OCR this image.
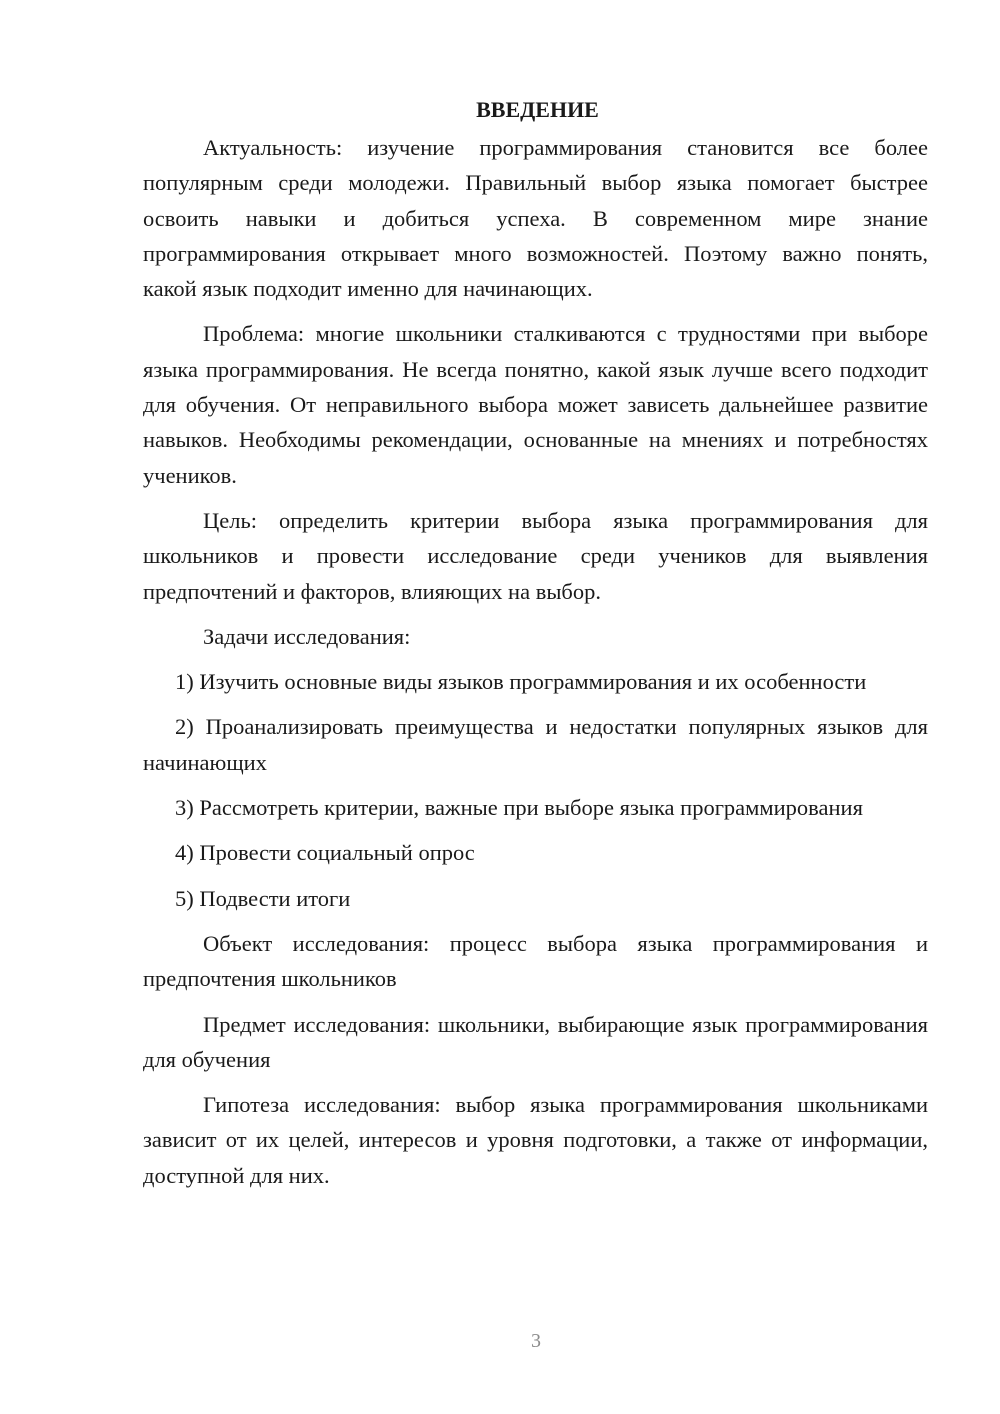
ВВЕДЕНИЕ

Актуальность: изучение программирования становится все более популярным среди молодежи. Правильный выбор языка помогает быстрее освоить навыки и добиться успеха. В современном мире знание программирования открывает много возможностей. Поэтому важно понять, какой язык подходит именно для начинающих.

Проблема: многие школьники сталкиваются с трудностями при выборе языка программирования. Не всегда понятно, какой язык лучше всего подходит для обучения. От неправильного выбора может зависеть дальнейшее развитие навыков. Необходимы рекомендации, основанные на мнениях и потребностях учеников.

Цель: определить критерии выбора языка программирования для школьников и провести исследование среди учеников для выявления предпочтений и факторов, влияющих на выбор.

Задачи исследования:

1) Изучить основные виды языков программирования и их особенности

2) Проанализировать преимущества и недостатки популярных языков для начинающих

3) Рассмотреть критерии, важные при выборе языка программирования

4) Провести социальный опрос

5) Подвести итоги

Объект исследования: процесс выбора языка программирования и предпочтения школьников

Предмет исследования: школьники, выбирающие язык программирования для обучения

Гипотеза исследования: выбор языка программирования школьниками зависит от их целей, интересов и уровня подготовки, а также от информации, доступной для них.

3
